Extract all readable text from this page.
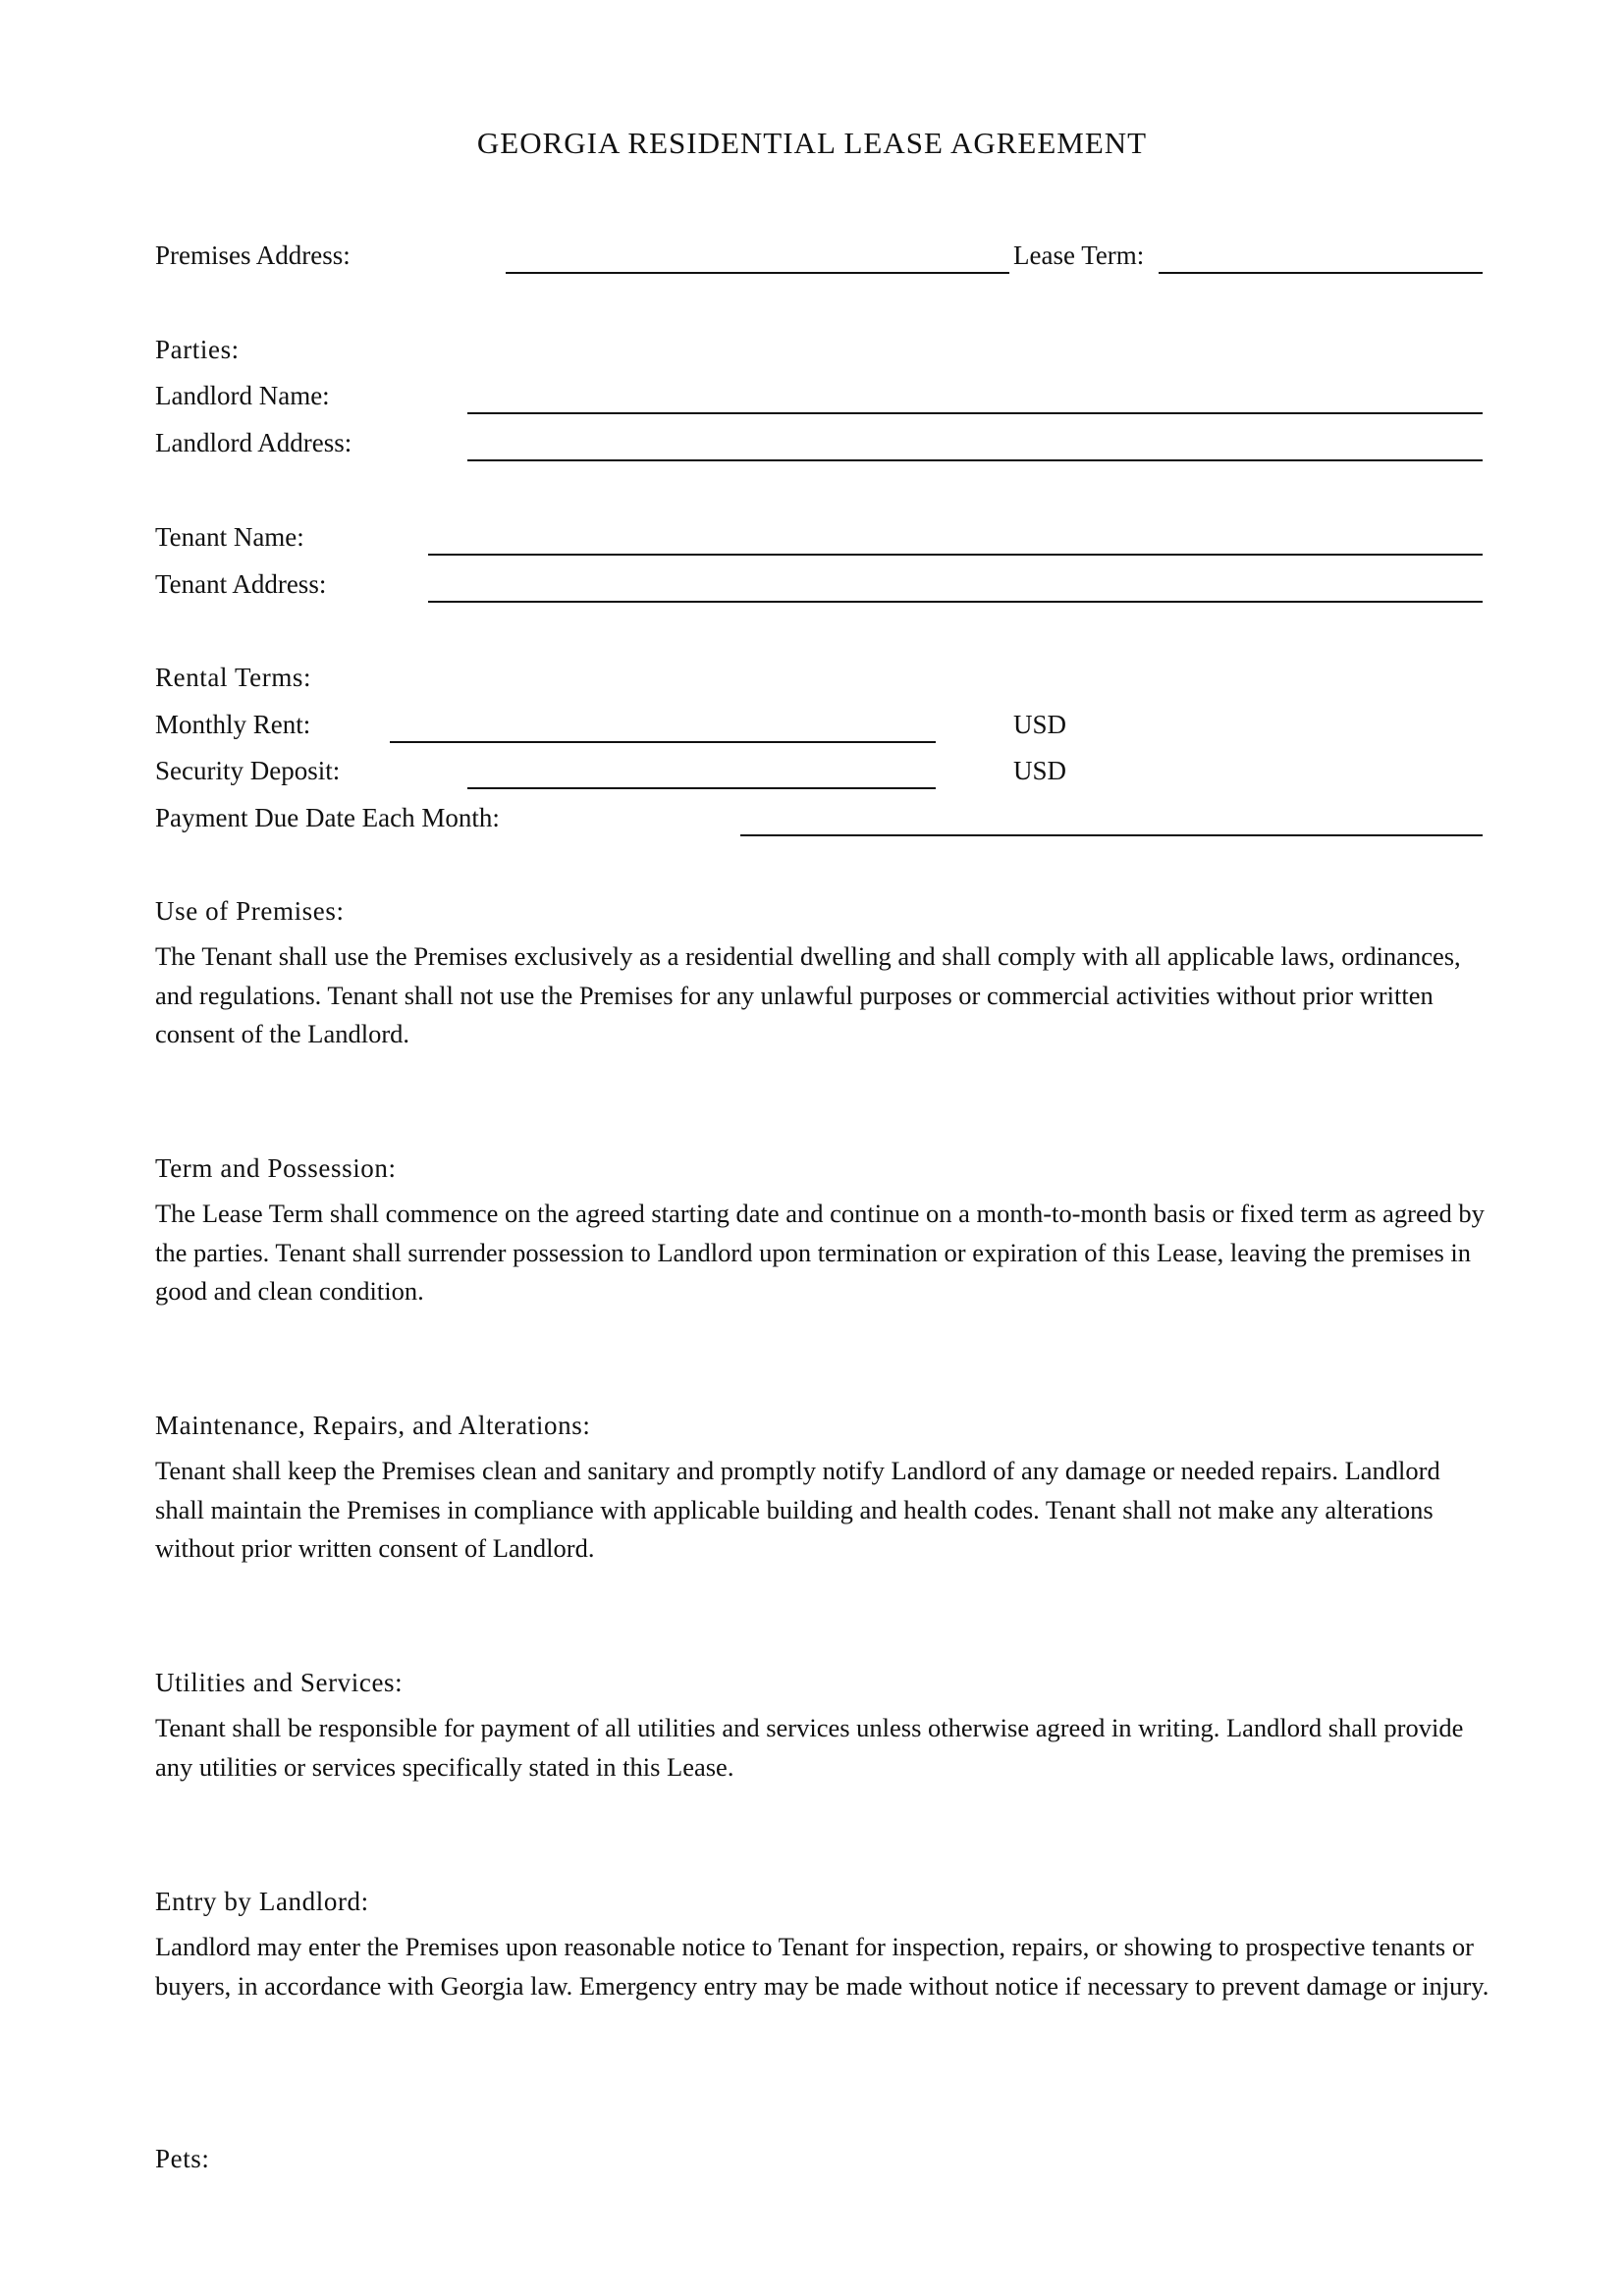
GEORGIA RESIDENTIAL LEASE AGREEMENT
Premises Address:	Lease Term:
Parties:
Landlord Name:
Landlord Address:
Tenant Name:
Tenant Address:
Rental Terms:
Monthly Rent:	USD
Security Deposit:	USD
Payment Due Date Each Month:
Use of Premises:

The Tenant shall use the Premises exclusively as a residential dwelling and shall comply with all applicable laws, ordinances, and regulations. Tenant shall not use the Premises for any unlawful purposes or commercial activities without prior written consent of the Landlord.

Term and Possession:

The Lease Term shall commence on the agreed starting date and continue on a month-to-month basis or fixed term as agreed by the parties. Tenant shall surrender possession to Landlord upon termination or expiration of this Lease, leaving the premises in good and clean condition.

Maintenance, Repairs, and Alterations:

Tenant shall keep the Premises clean and sanitary and promptly notify Landlord of any damage or needed repairs. Landlord shall maintain the Premises in compliance with applicable building and health codes. Tenant shall not make any alterations without prior written consent of Landlord.

Utilities and Services:

Tenant shall be responsible for payment of all utilities and services unless otherwise agreed in writing. Landlord shall provide any utilities or services specifically stated in this Lease.

Entry by Landlord:

Landlord may enter the Premises upon reasonable notice to Tenant for inspection, repairs, or showing to prospective tenants or buyers, in accordance with Georgia law. Emergency entry may be made without notice if necessary to prevent damage or injury.

Pets:
